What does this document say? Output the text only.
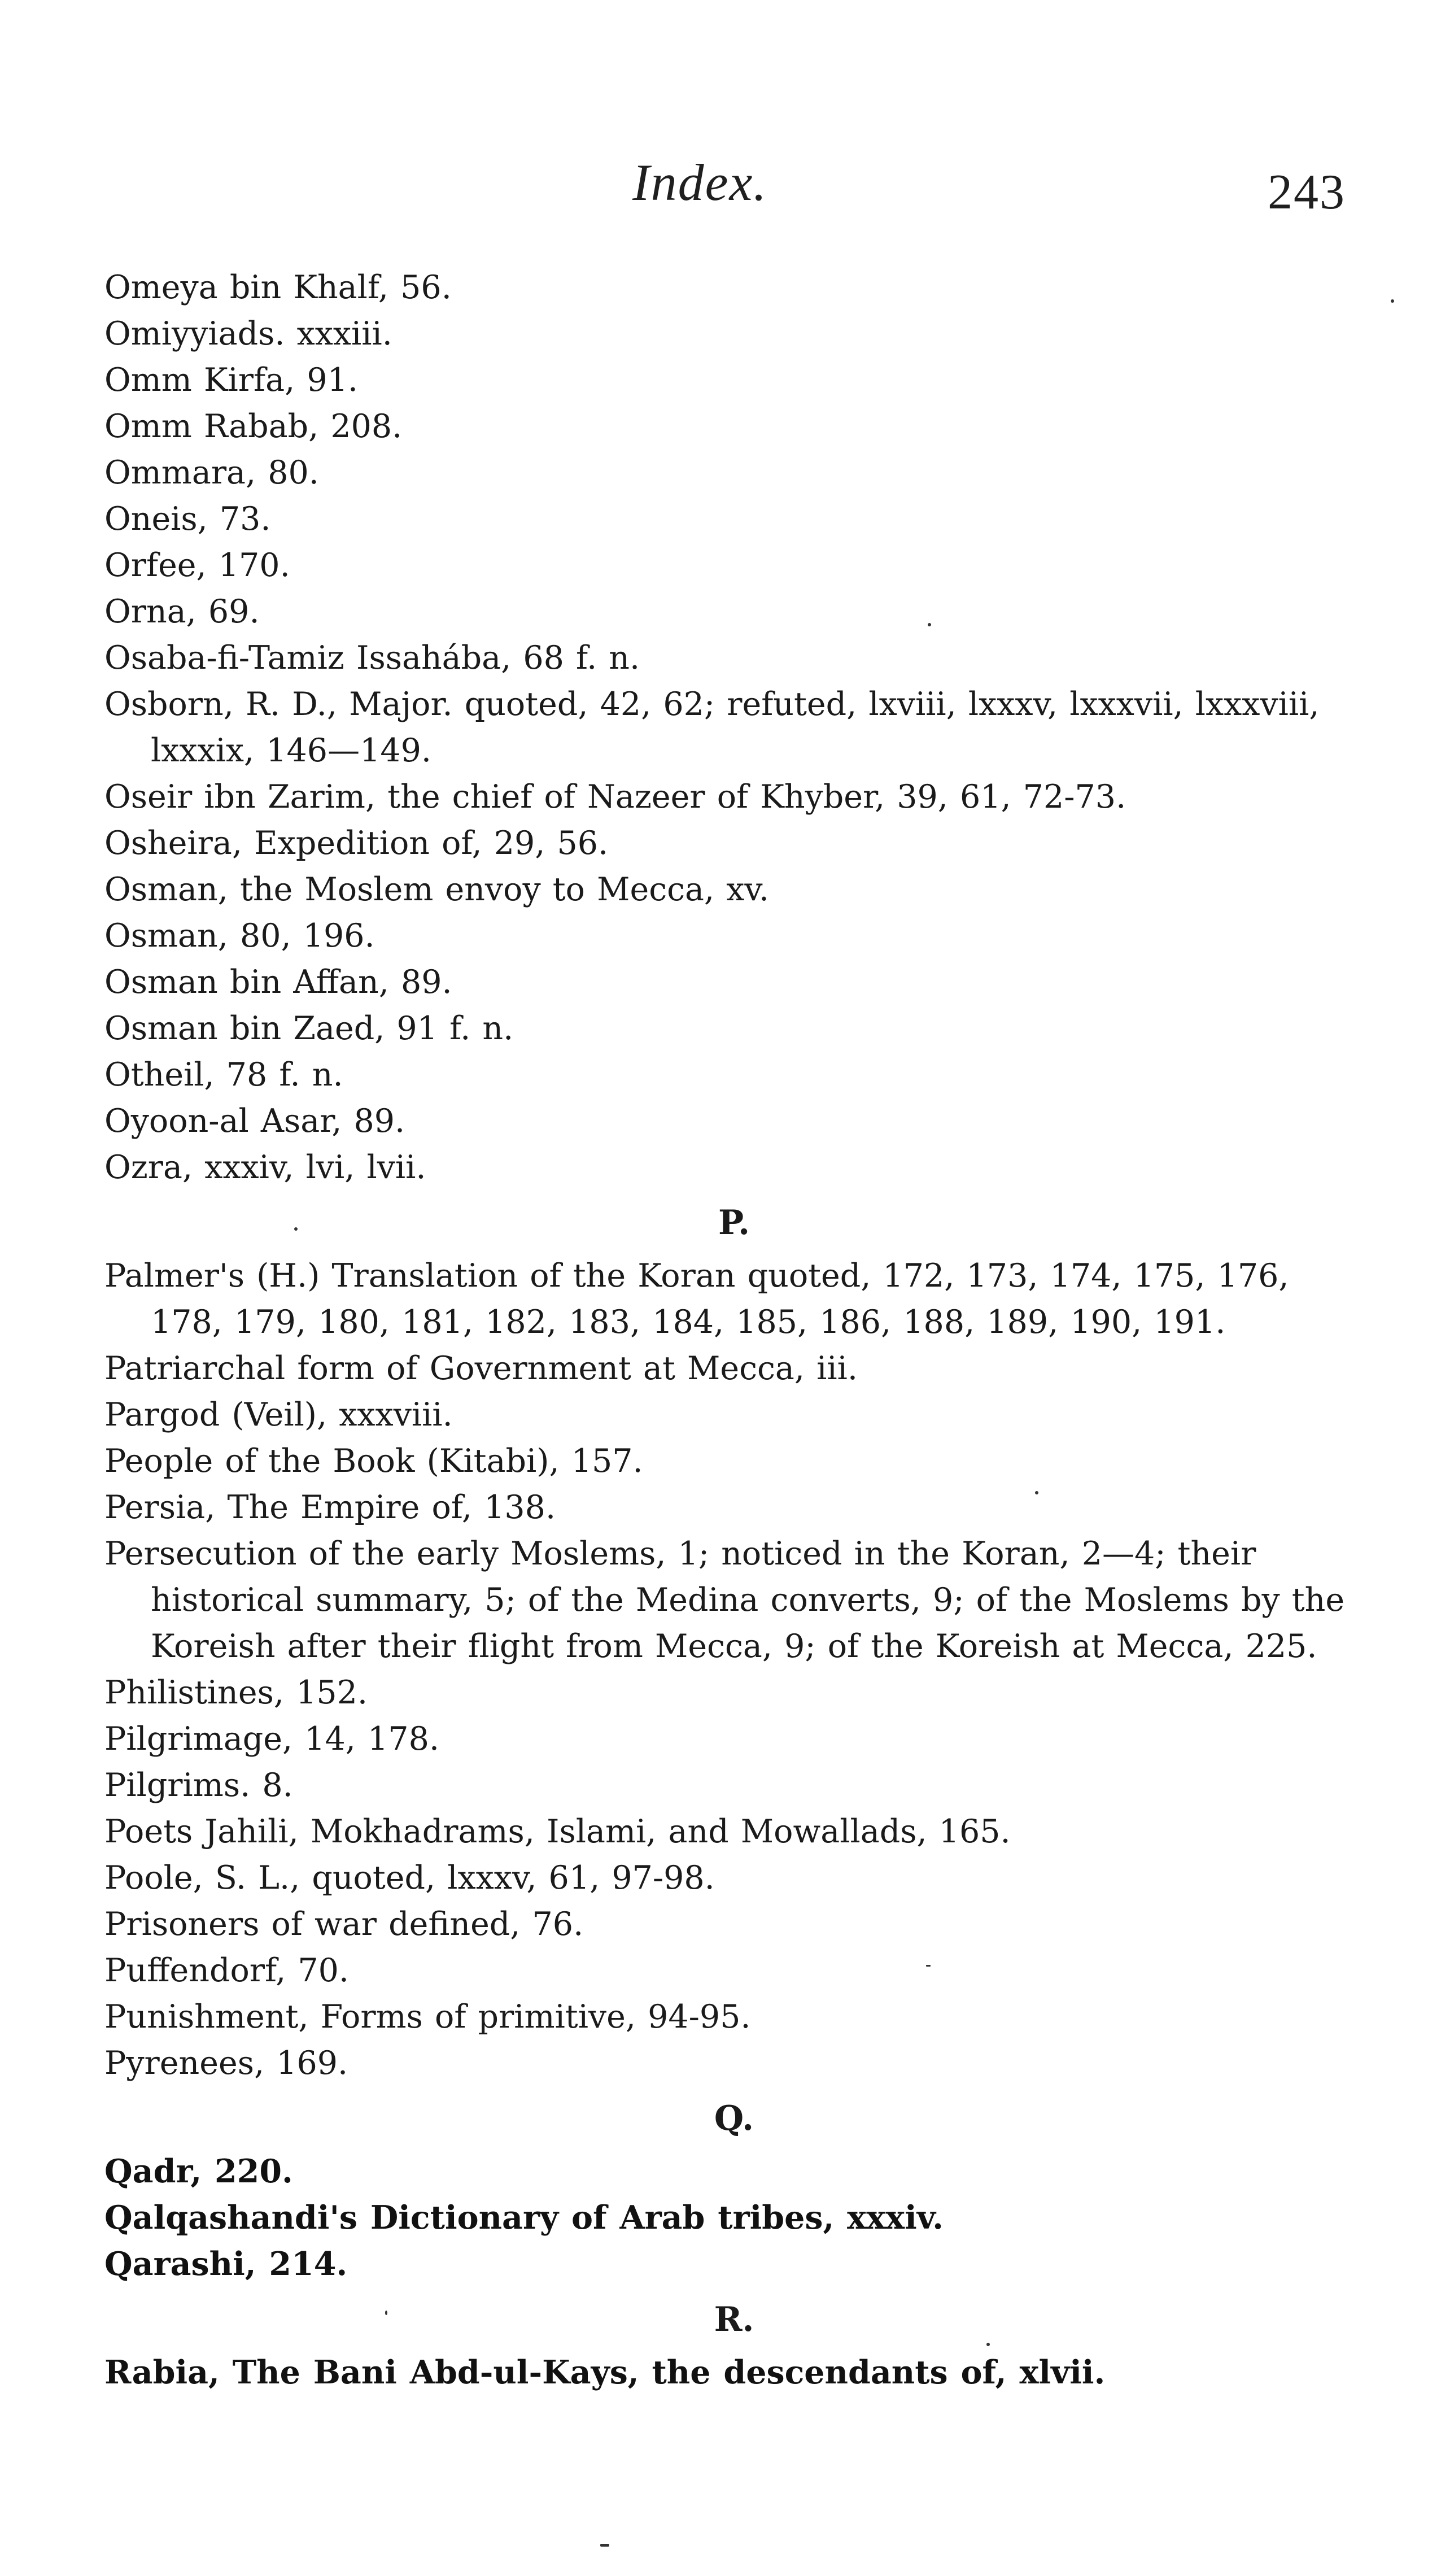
Index.	243
Omeya bin Khalf, 56.
Omiyyiads. xxxiii.
Omm Kirfa, 91.
Omm Rabab, 208.
Ommara, 80.
Oneis, 73.
Orfee, 170.
Orna, 69.
Osaba-fi-Tamiz Issahába, 68 f. n.
Osborn, R. D., Major. quoted, 42, 62; refuted, lxviii, lxxxv, lxxxvii, lxxxviii, lxxxix, 146—149.
Oseir ibn Zarim, the chief of Nazeer of Khyber, 39, 61, 72-73.
Osheira, Expedition of, 29, 56.
Osman, the Moslem envoy to Mecca, xv.
Osman, 80, 196.
Osman bin Affan, 89.
Osman bin Zaed, 91 f. n.
Otheil, 78 f. n.
Oyoon-al Asar, 89.
Ozra, xxxiv, lvi, lvii.
P.
Palmer's (H.) Translation of the Koran quoted, 172, 173, 174, 175, 176, 178, 179, 180, 181, 182, 183, 184, 185, 186, 188, 189, 190, 191.
Patriarchal form of Government at Mecca, iii.
Pargod (Veil), xxxviii.
People of the Book (Kitabi), 157.
Persia, The Empire of, 138.
Persecution of the early Moslems, 1; noticed in the Koran, 2—4; their historical summary, 5; of the Medina converts, 9; of the Moslems by the Koreish after their flight from Mecca, 9; of the Koreish at Mecca, 225.
Philistines, 152.
Pilgrimage, 14, 178.
Pilgrims. 8.
Poets Jahili, Mokhadrams, Islami, and Mowallads, 165.
Poole, S. L., quoted, lxxxv, 61, 97-98.
Prisoners of war defined, 76.
Puffendorf, 70.
Punishment, Forms of primitive, 94-95.
Pyrenees, 169.
Q.
Qadr, 220.
Qalqashandi's Dictionary of Arab tribes, xxxiv.
Qarashi, 214.
R.
Rabia, The Bani Abd-ul-Kays, the descendants of, xlvii.
